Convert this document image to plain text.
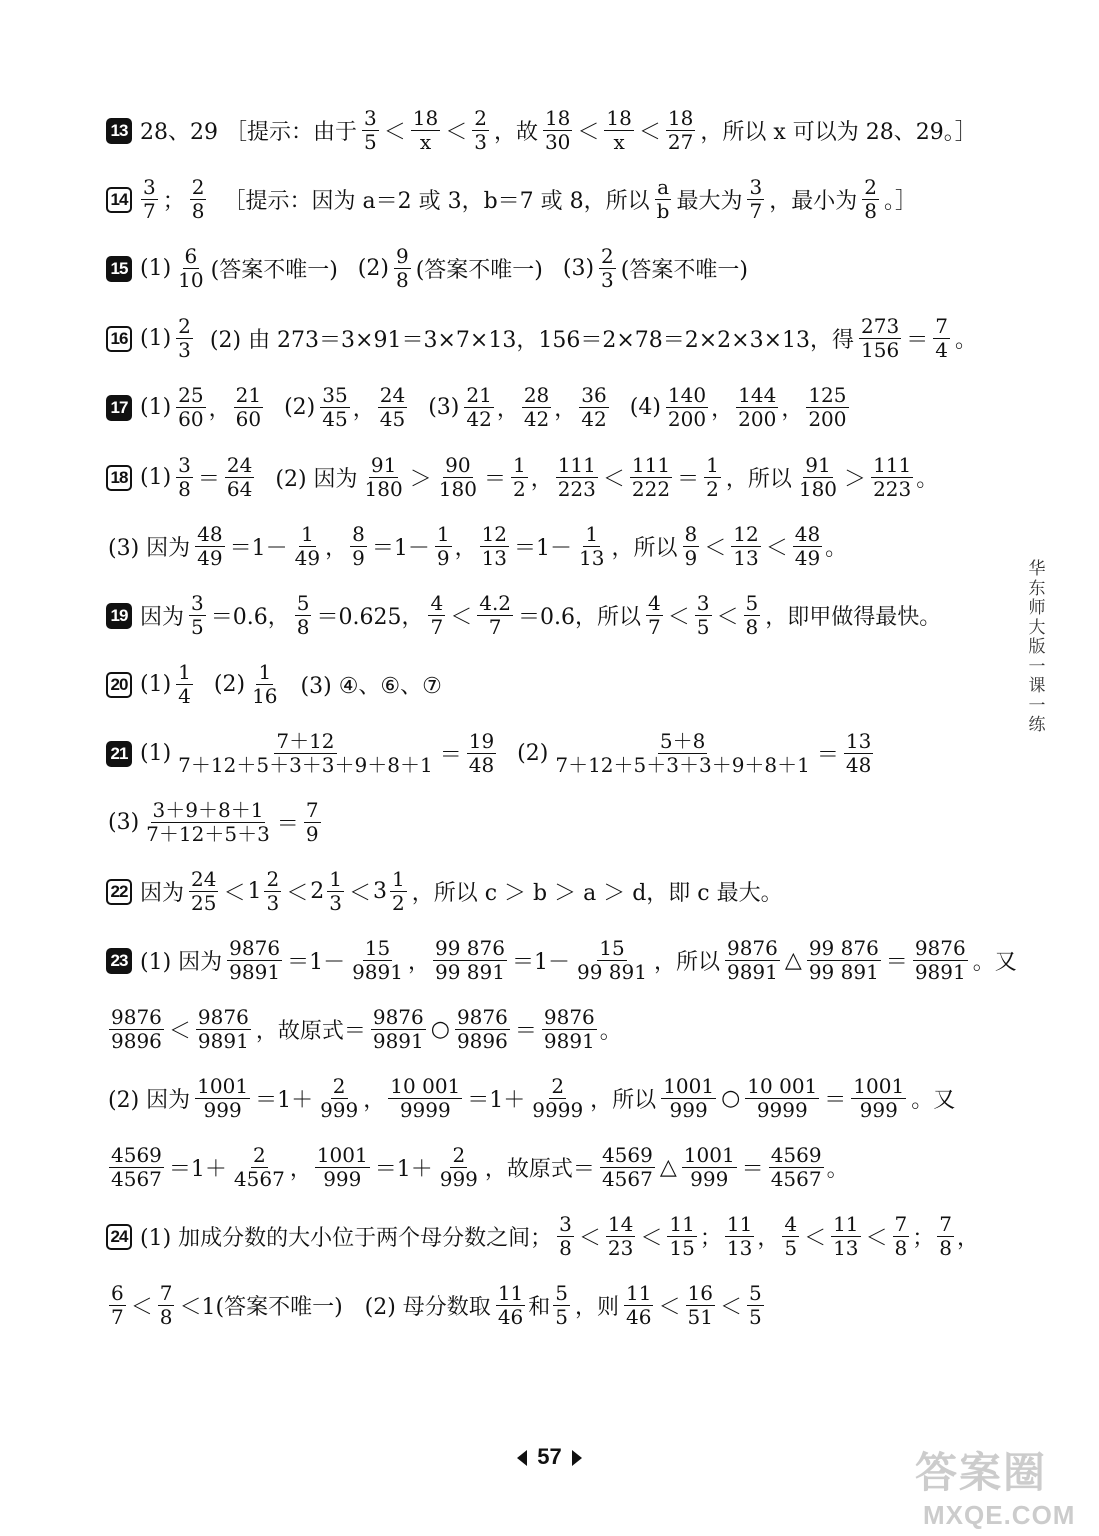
13 28、29 ［提示：由于
3
5 ＜
18
x ＜
2
3 ，故
18
30 ＜
18
x ＜
18
27 ，所以 x 可以为 28、29。］
14 3
7 ；
2
8 ［提示：因为 a＝2 或 3，b＝7 或 8，所以
a
b 最大为
3
7 ，最小为
2
8 。］
15 (1) 6
10 (答案不唯一) (2) 9
8 (答案不唯一) (3) 2
3 (答案不唯一)
16 (1) 2
3 (2) 由 273＝3×91＝3×7×13，156＝2×78＝2×2×3×13，得
273
156 ＝
7
4 。
17 (1) 25
60 ，
21
60 (2) 35
45 ，
24
45 (3) 21
42 ，
28
42 ，
36
42 (4) 140
200 ，
144
200 ，
125
200
18 (1) 3
8 ＝
24
64 (2) 因为
91
180 ＞
90
180 ＝
1
2 ，
111
223 ＜
111
222 ＝
1
2 ，所以
91
180 ＞
111
223 。
(3) 因为
48
49 ＝1－
1
49 ，
8
9 ＝1－
1
9 ，
12
13 ＝1－
1
13 ，所以
8
9 ＜
12
13 ＜
48
49 。
19 因为
3
5 ＝0.6，
5
8 ＝0.625，
4
7 ＜
4.2
7 ＝0.6，所以
4
7 ＜
3
5 ＜
5
8 ，即甲做得最快。
20 (1) 1
4 (2) 1
16 (3) ④、⑥、⑦
21 (1)	7＋12
7＋12＋5＋3＋3＋9＋8＋1 ＝
19
48 (2)	5＋8
7＋12＋5＋3＋3＋9＋8＋1 ＝
13
48
(3) 3＋9＋8＋1
7＋12＋5＋3 ＝
7
9
22 因为
24
25 ＜ 1 2
3 ＜ 2 1
3 ＜ 3 1
2 ，所以 c ＞ b ＞ a ＞ d，即 c 最大。
23 (1) 因为
9876
9891 ＝1－
15
9891 ，
99 876
99 891 ＝1－
15
99 891 ，所以
9876
9891 △ 99 876
99 891 ＝
9876
9891 。又
9876
9896 ＜
9876
9891 ，故原式＝
9876
9891 ○ 9876
9896 ＝
9876
9891 。
(2) 因为
1001
999 ＝1＋
2
999 ，
10 001
9999 ＝1＋
2
9999 ，所以
1001
999 ○ 10 001
9999 ＝
1001
999 。又
4569
4567 ＝1＋
2
4567 ，
1001
999 ＝1＋
2
999 ，故原式＝
4569
4567 △ 1001
999 ＝
4569
4567 。
24 (1) 加成分数的大小位于两个母分数之间；
3
8 ＜
14
23 ＜
11
15 ；
11
13 ，
4
5 ＜
11
13 ＜
7
8 ；
7
8 ，
6
7 ＜
7
8 ＜1(答案不唯一)　(2) 母分数取
11
46 和
5
5 ，则
11
46 ＜
16
51 ＜
5
5
华东师大版一课一练
57	答案圈
MXQE.COM
